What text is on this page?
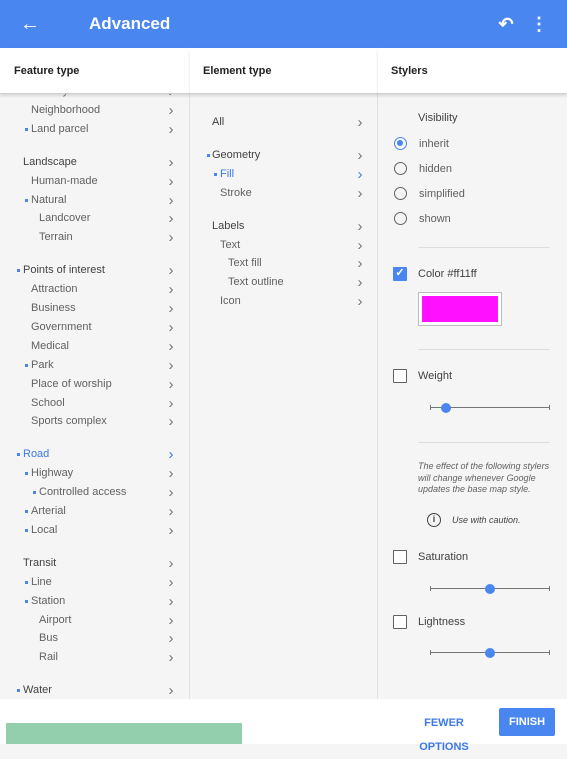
←	Advanced	↶ ⋮
Feature type	Element type	Stylers
Neighborhood	›
Land parcel	›
Landscape	›
Human-made	›
Natural	›
Landcover	›
Terrain	›
Points of interest	›
Attraction	›
Business	›
Government	›
Medical	›
Park	›
Place of worship	›
School	›
Sports complex	›
Road	›
Highway	›
Controlled access	›
Arterial	›
Local	›
Transit	›
Line	›
Station	›
Airport	›
Bus	›
Rail	›
Water	›
All	›
Geometry	›
Fill	›
Stroke	›
Labels	›
Text	›
Text fill	›
Text outline	›
Icon	›
Visibility
inherit
hidden
simplified
shown
✓ Color #ff11ff
Weight
The effect of the following stylers will change whenever Google updates the base map style.
i	Use with caution.
Saturation
Lightness
FEWER OPTIONS
FINISH
